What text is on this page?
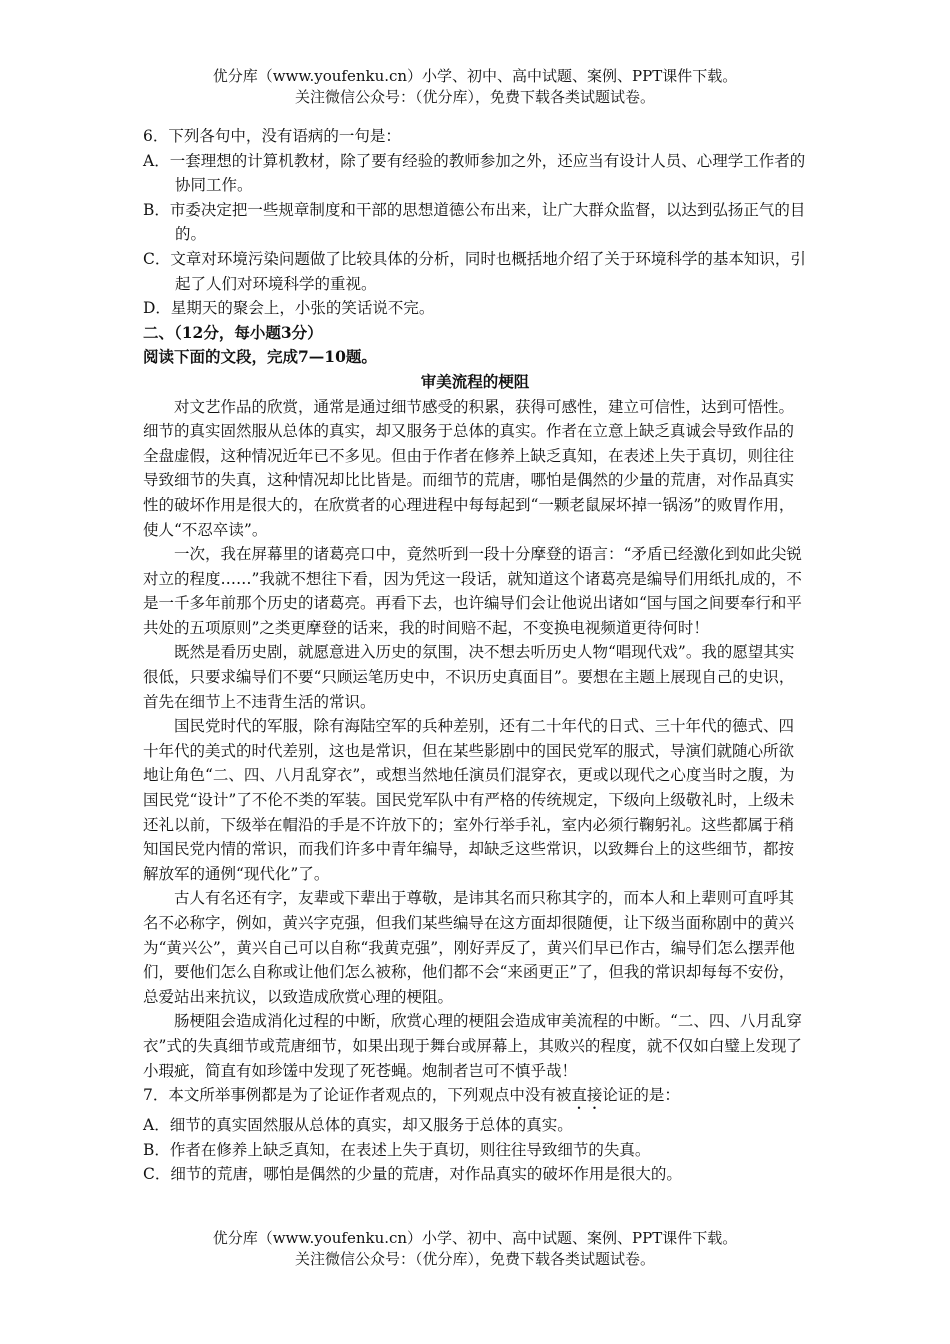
优分库（www.youfenku.cn）小学、初中、高中试题、案例、PPT课件下载。
关注微信公众号：（优分库），免费下载各类试题试卷。

6．下列各句中，没有语病的一句是：

A．一套理想的计算机教材，除了要有经验的教师参加之外，还应当有设计人员、心理学工作者的协同工作。

B．市委决定把一些规章制度和干部的思想道德公布出来，让广大群众监督，以达到弘扬正气的目的。

C．文章对环境污染问题做了比较具体的分析，同时也概括地介绍了关于环境科学的基本知识，引起了人们对环境科学的重视。

D．星期天的聚会上，小张的笑话说不完。

二、（12分，每小题3分）

阅读下面的文段，完成7—10题。

审美流程的梗阻

对文艺作品的欣赏，通常是通过细节感受的积累，获得可感性，建立可信性，达到可悟性。细节的真实固然服从总体的真实，却又服务于总体的真实。作者在立意上缺乏真诚会导致作品的全盘虚假，这种情况近年已不多见。但由于作者在修养上缺乏真知，在表述上失于真切，则往往导致细节的失真，这种情况却比比皆是。而细节的荒唐，哪怕是偶然的少量的荒唐，对作品真实性的破坏作用是很大的，在欣赏者的心理进程中每每起到“一颗老鼠屎坏掉一锅汤”的败胃作用，使人“不忍卒读”。

一次，我在屏幕里的诸葛亮口中，竟然听到一段十分摩登的语言：“矛盾已经激化到如此尖锐对立的程度……”我就不想往下看，因为凭这一段话，就知道这个诸葛亮是编导们用纸扎成的，不是一千多年前那个历史的诸葛亮。再看下去，也许编导们会让他说出诸如“国与国之间要奉行和平共处的五项原则”之类更摩登的话来，我的时间赔不起，不变换电视频道更待何时！

既然是看历史剧，就愿意进入历史的氛围，决不想去听历史人物“唱现代戏”。我的愿望其实很低，只要求编导们不要“只顾运笔历史中，不识历史真面目”。要想在主题上展现自己的史识，首先在细节上不违背生活的常识。

国民党时代的军服，除有海陆空军的兵种差别，还有二十年代的日式、三十年代的德式、四十年代的美式的时代差别，这也是常识，但在某些影剧中的国民党军的服式，导演们就随心所欲地让角色“二、四、八月乱穿衣”，或想当然地任演员们混穿衣，更或以现代之心度当时之腹，为国民党“设计”了不伦不类的军装。国民党军队中有严格的传统规定，下级向上级敬礼时，上级未还礼以前，下级举在帽沿的手是不许放下的；室外行举手礼，室内必须行鞠躬礼。这些都属于稍知国民党内情的常识，而我们许多中青年编导，却缺乏这些常识，以致舞台上的这些细节，都按解放军的通例“现代化”了。

古人有名还有字，友辈或下辈出于尊敬，是讳其名而只称其字的，而本人和上辈则可直呼其名不必称字，例如，黄兴字克强，但我们某些编导在这方面却很随便，让下级当面称剧中的黄兴为“黄兴公”，黄兴自己可以自称“我黄克强”，刚好弄反了，黄兴们早已作古，编导们怎么摆弄他们，要他们怎么自称或让他们怎么被称，他们都不会“来函更正”了，但我的常识却每每不安份，总爱站出来抗议，以致造成欣赏心理的梗阻。

肠梗阻会造成消化过程的中断，欣赏心理的梗阻会造成审美流程的中断。“二、四、八月乱穿衣”式的失真细节或荒唐细节，如果出现于舞台或屏幕上，其败兴的程度，就不仅如白璧上发现了小瑕疵，简直有如珍馐中发现了死苍蝇。炮制者岂可不慎乎哉！

7．本文所举事例都是为了论证作者观点的，下列观点中没有被直接论证的是：

A．细节的真实固然服从总体的真实，却又服务于总体的真实。

B．作者在修养上缺乏真知，在表述上失于真切，则往往导致细节的失真。

C．细节的荒唐，哪怕是偶然的少量的荒唐，对作品真实的破坏作用是很大的。

优分库（www.youfenku.cn）小学、初中、高中试题、案例、PPT课件下载。
关注微信公众号：（优分库），免费下载各类试题试卷。
